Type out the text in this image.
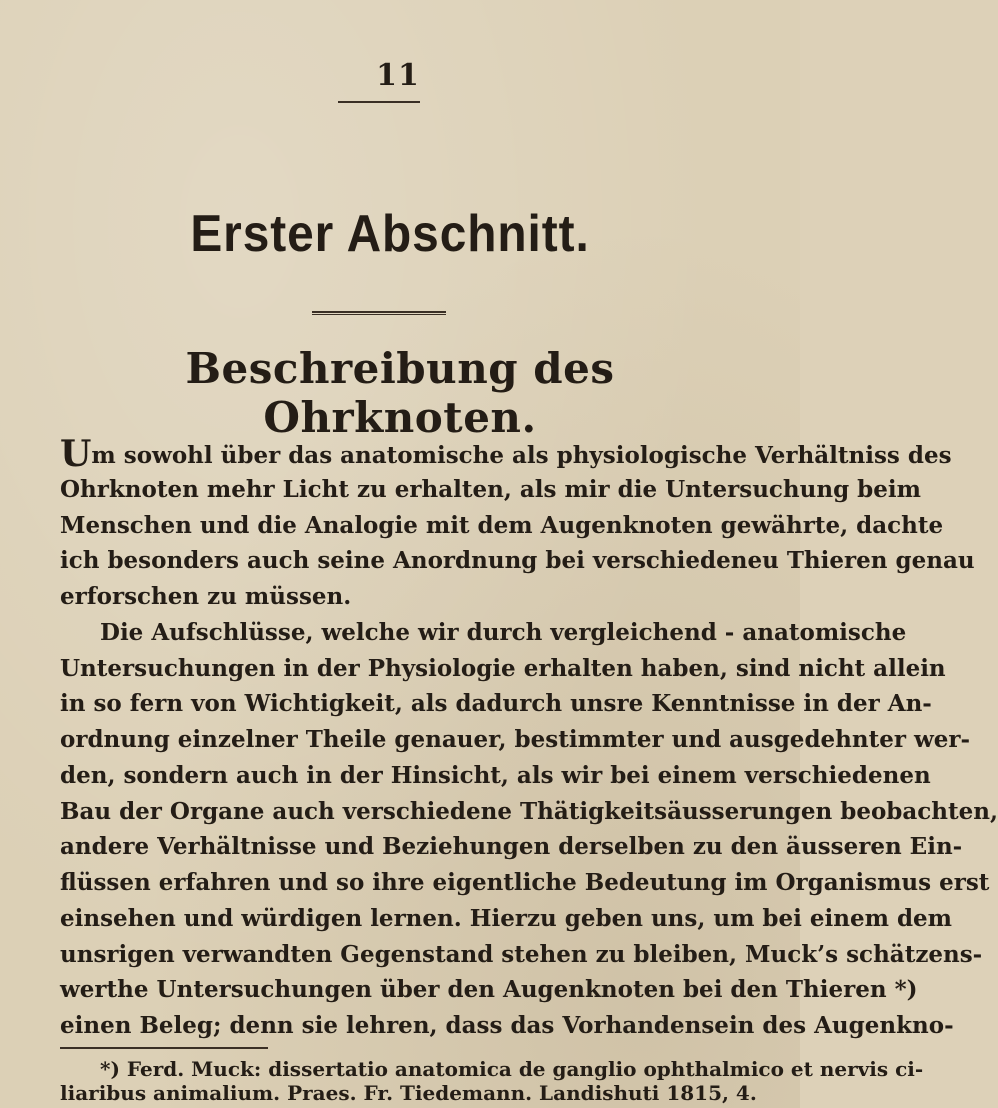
11
Erster Abschnitt.
Beschreibung des Ohrknoten.
Um sowohl über das anatomische als physiologische Verhältniss des
Ohrknoten mehr Licht zu erhalten, als mir die Untersuchung beim
Menschen und die Analogie mit dem Augenknoten gewährte, dachte
ich besonders auch seine Anordnung bei verschiedeneu Thieren genau
erforschen zu müssen.
Die Aufschlüsse, welche wir durch vergleichend - anatomische
Untersuchungen in der Physiologie erhalten haben, sind nicht allein
in so fern von Wichtigkeit, als dadurch unsre Kenntnisse in der An-
ordnung einzelner Theile genauer, bestimmter und ausgedehnter wer-
den, sondern auch in der Hinsicht, als wir bei einem verschiedenen
Bau der Organe auch verschiedene Thätigkeitsäusserungen beobachten,
andere Verhältnisse und Beziehungen derselben zu den äusseren Ein-
flüssen erfahren und so ihre eigentliche Bedeutung im Organismus erst
einsehen und würdigen lernen. Hierzu geben uns, um bei einem dem
unsrigen verwandten Gegenstand stehen zu bleiben, Muck’s schätzens-
werthe Untersuchungen über den Augenknoten bei den Thieren *)
*) Ferd. Muck: dissertatio anatomica de ganglio ophthalmico et nervis ci-
liaribus animalium. Praes. Fr. Tiedemann. Landishuti 1815, 4.
einen Beleg; denn sie lehren, dass das Vorhandensein des Augenkno-
